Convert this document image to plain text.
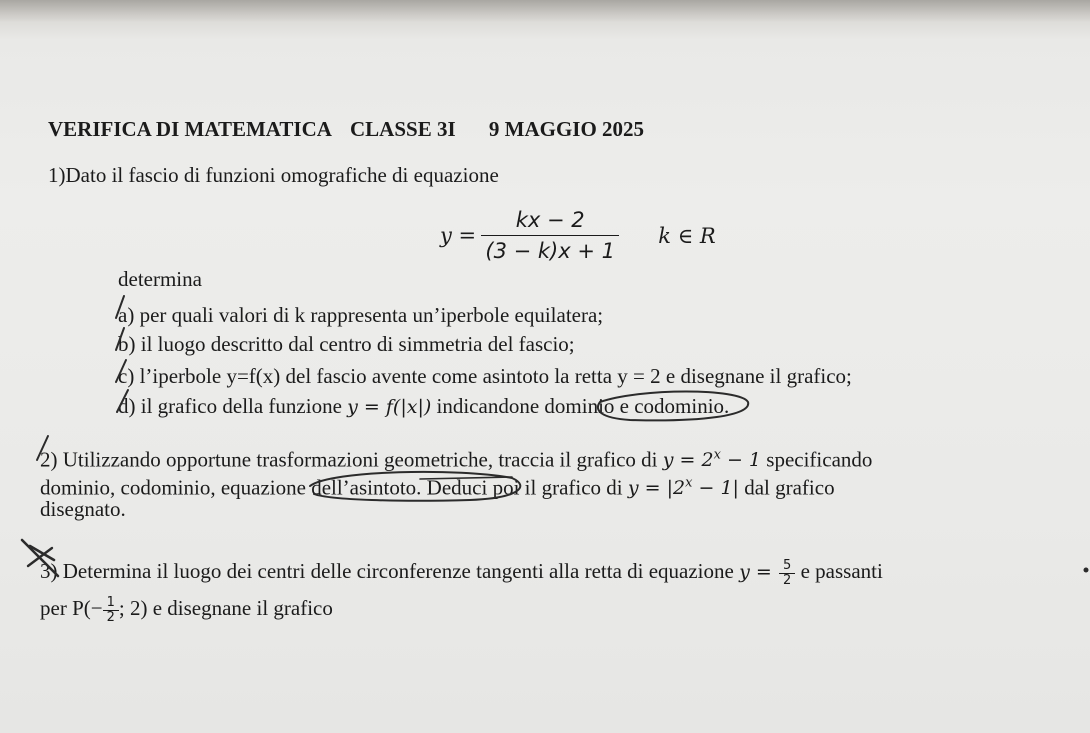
VERIFICA DI MATEMATICA CLASSE 3I 9 MAGGIO 2025
1)Dato il fascio di funzioni omografiche di equazione
$y = \frac{kx - 2}{(3 - k)x + 1}$ k ∈ R
determina
a) per quali valori di k rappresenta un’iperbole equilatera;
b) il luogo descritto dal centro di simmetria del fascio;
c) l’iperbole y=f(x) del fascio avente come asintoto la retta y = 2 e disegnane il grafico;
d) il grafico della funzione y = f(|x|) indicandone dominio e codominio.
2) Utilizzando opportune trasformazioni geometriche, traccia il grafico di $y = 2^x - 1$ specificando
dominio, codominio, equazione dell’asintoto. Deduci poi il grafico di $y = |2^x - 1|$ dal grafico
disegnato.
3) Determina il luogo dei centri delle circonferenze tangenti alla retta di equazione $y = \frac{5}{2}$ e passanti
per $P(- \frac{1}{2}$ ; 2) e disegnane il grafico
